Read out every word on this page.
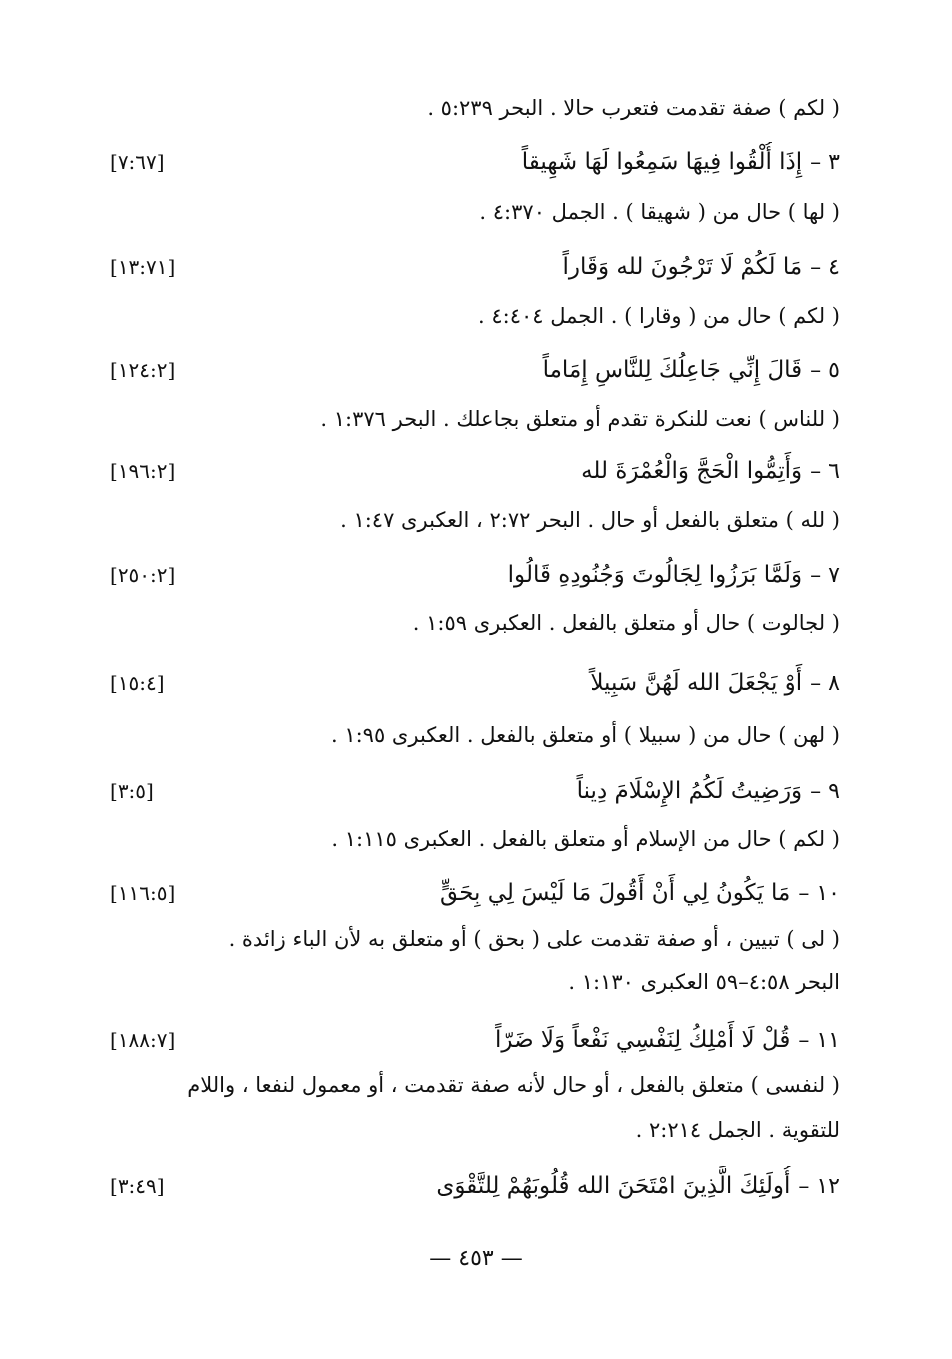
( لكم ) صفة تقدمت فتعرب حالا . البحر ٥:٢٣٩ .
٣ –إِذَا أُلْقُوا فِيهَا سَمِعُوا لَهَا شَهِيقاً
[٧:٦٧]
( لها ) حال من ( شهيقا ) . الجمل ٤:٣٧٠ .
٤ –مَا لَكُمْ لَا تَرْجُونَ لله وَقَاراً
[١٣:٧١]
( لكم ) حال من ( وقارا ) . الجمل ٤:٤٠٤ .
٥ –قَالَ إِنِّي جَاعِلُكَ لِلنَّاسِ إِمَاماً
[١٢٤:٢]
( للناس ) نعت للنكرة تقدم أو متعلق بجاعلك . البحر ١:٣٧٦ .
٦ –وَأَتِمُّوا الْحَجَّ وَالْعُمْرَةَ لله
[١٩٦:٢]
( لله ) متعلق بالفعل أو حال . البحر ٢:٧٢ ، العكبرى ١:٤٧ .
٧ –وَلَمَّا بَرَزُوا لِجَالُوتَ وَجُنُودِهِ قَالُوا
[٢٥٠:٢]
( لجالوت ) حال أو متعلق بالفعل . العكبرى ١:٥٩ .
٨ –أَوْ يَجْعَلَ الله لَهُنَّ سَبِيلاً
[١٥:٤]
( لهن ) حال من ( سبيلا ) أو متعلق بالفعل . العكبرى ١:٩٥ .
٩ –وَرَضِيتُ لَكُمُ الإِسْلَامَ دِيناً
[٣:٥]
( لكم ) حال من الإسلام أو متعلق بالفعل . العكبرى ١:١١٥ .
١٠ –مَا يَكُونُ لِي أَنْ أَقُولَ مَا لَيْسَ لِي بِحَقٍّ
[١١٦:٥]
( لى ) تبيين ، أو صفة تقدمت على ( بحق ) أو متعلق به لأن الباء زائدة .
البحر ٤:٥٨–٥٩ العكبرى ١:١٣٠ .
١١ –قُلْ لَا أَمْلِكُ لِنَفْسِي نَفْعاً وَلَا ضَرّاً
[١٨٨:٧]
( لنفسى ) متعلق بالفعل ، أو حال لأنه صفة تقدمت ، أو معمول لنفعا ، واللام
للتقوية . الجمل ٢:٢١٤ .
١٢ –أُولَئِكَ الَّذِينَ امْتَحَنَ الله قُلُوبَهُمْ لِلتَّقْوَى
[٣:٤٩]
— ٤٥٣ —
